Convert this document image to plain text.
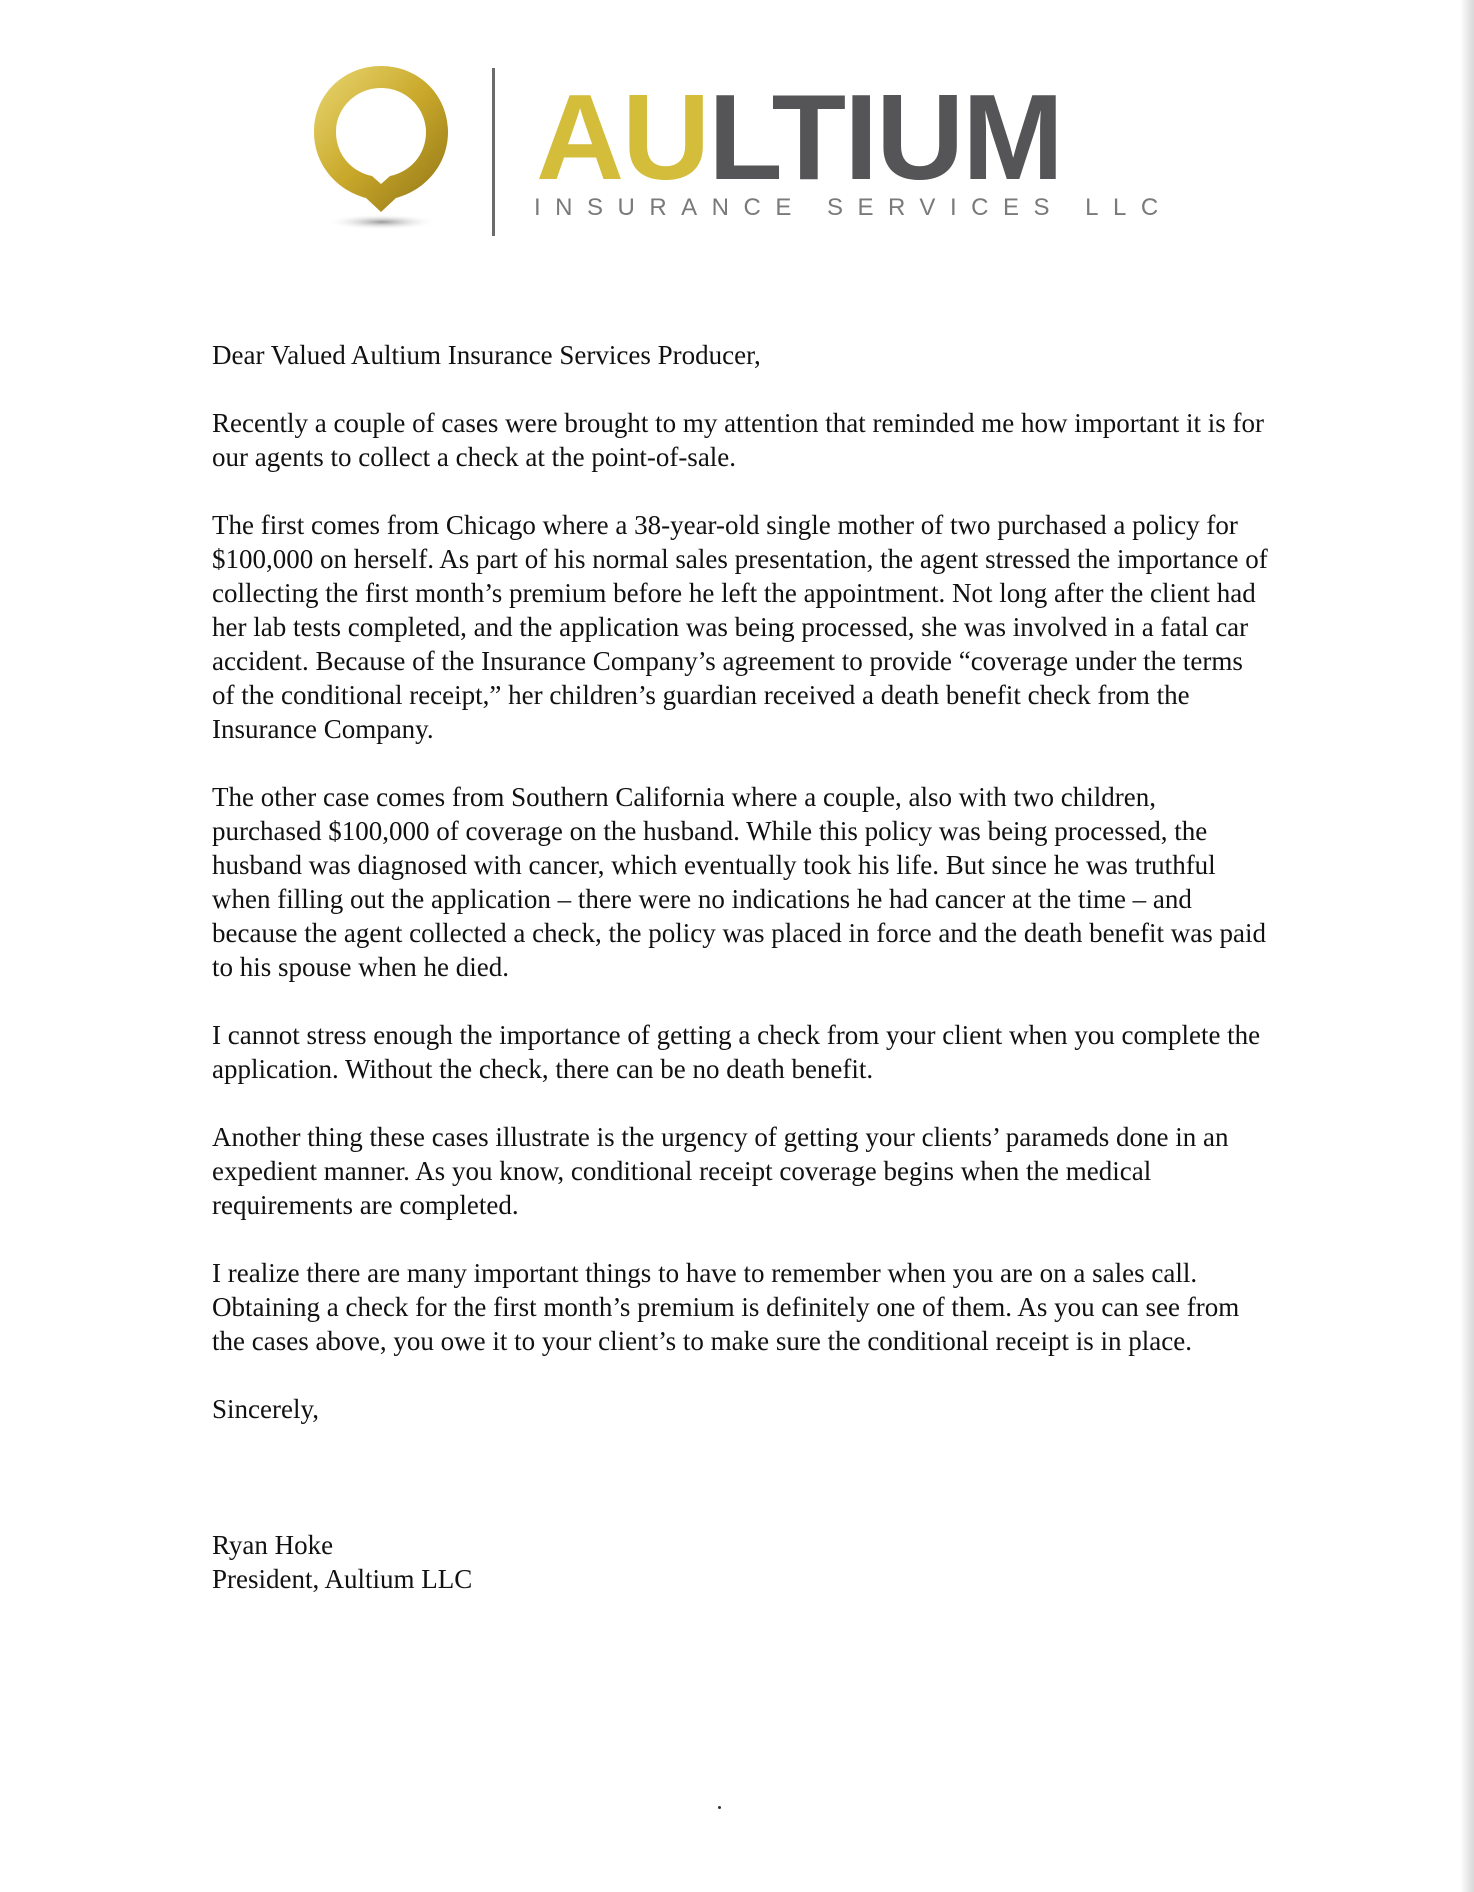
AULTIUM
INSURANCE SERVICES LLC

Dear Valued Aultium Insurance Services Producer,

Recently a couple of cases were brought to my attention that reminded me how important it is for our agents to collect a check at the point-of-sale.

The first comes from Chicago where a 38-year-old single mother of two purchased a policy for $100,000 on herself. As part of his normal sales presentation, the agent stressed the importance of collecting the first month’s premium before he left the appointment. Not long after the client had her lab tests completed, and the application was being processed, she was involved in a fatal car accident. Because of the Insurance Company’s agreement to provide “coverage under the terms of the conditional receipt,” her children’s guardian received a death benefit check from the Insurance Company.

The other case comes from Southern California where a couple, also with two children, purchased $100,000 of coverage on the husband. While this policy was being processed, the husband was diagnosed with cancer, which eventually took his life. But since he was truthful when filling out the application – there were no indications he had cancer at the time – and because the agent collected a check, the policy was placed in force and the death benefit was paid to his spouse when he died.

I cannot stress enough the importance of getting a check from your client when you complete the application. Without the check, there can be no death benefit.

Another thing these cases illustrate is the urgency of getting your clients’ parameds done in an expedient manner. As you know, conditional receipt coverage begins when the medical requirements are completed.

I realize there are many important things to have to remember when you are on a sales call. Obtaining a check for the first month’s premium is definitely one of them. As you can see from the cases above, you owe it to your client’s to make sure the conditional receipt is in place.

Sincerely,

Ryan Hoke

President, Aultium LLC
